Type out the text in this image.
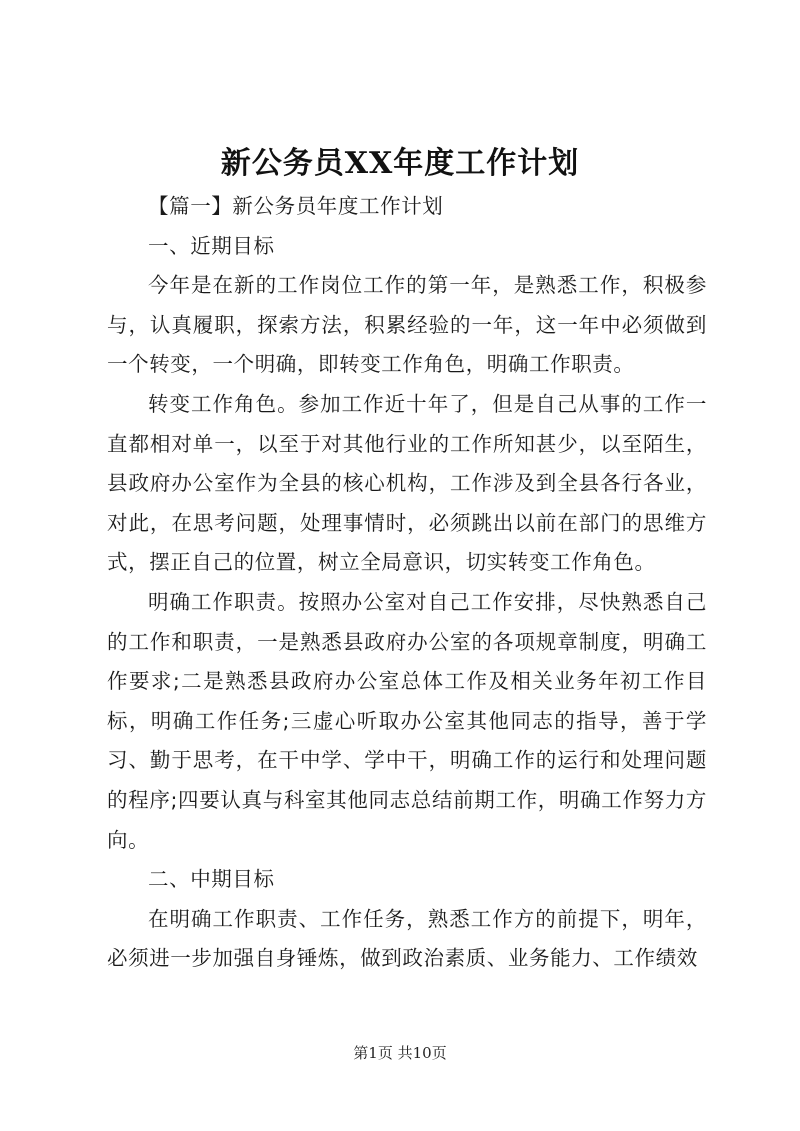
新公务员XX年度工作计划

【篇一】新公务员年度工作计划

一、近期目标

今年是在新的工作岗位工作的第一年，是熟悉工作，积极参与，认真履职，探索方法，积累经验的一年，这一年中必须做到一个转变，一个明确，即转变工作角色，明确工作职责。

转变工作角色。参加工作近十年了，但是自己从事的工作一直都相对单一，以至于对其他行业的工作所知甚少，以至陌生，县政府办公室作为全县的核心机构，工作涉及到全县各行各业，对此，在思考问题，处理事情时，必须跳出以前在部门的思维方式，摆正自己的位置，树立全局意识，切实转变工作角色。

明确工作职责。按照办公室对自己工作安排，尽快熟悉自己的工作和职责，一是熟悉县政府办公室的各项规章制度，明确工作要求;二是熟悉县政府办公室总体工作及相关业务年初工作目标，明确工作任务;三虚心听取办公室其他同志的指导，善于学习、勤于思考，在干中学、学中干，明确工作的运行和处理问题的程序;四要认真与科室其他同志总结前期工作，明确工作努力方向。

二、中期目标

在明确工作职责、工作任务，熟悉工作方的前提下，明年，必须进一步加强自身锤炼，做到政治素质、业务能力、工作绩效

第1页 共10页
